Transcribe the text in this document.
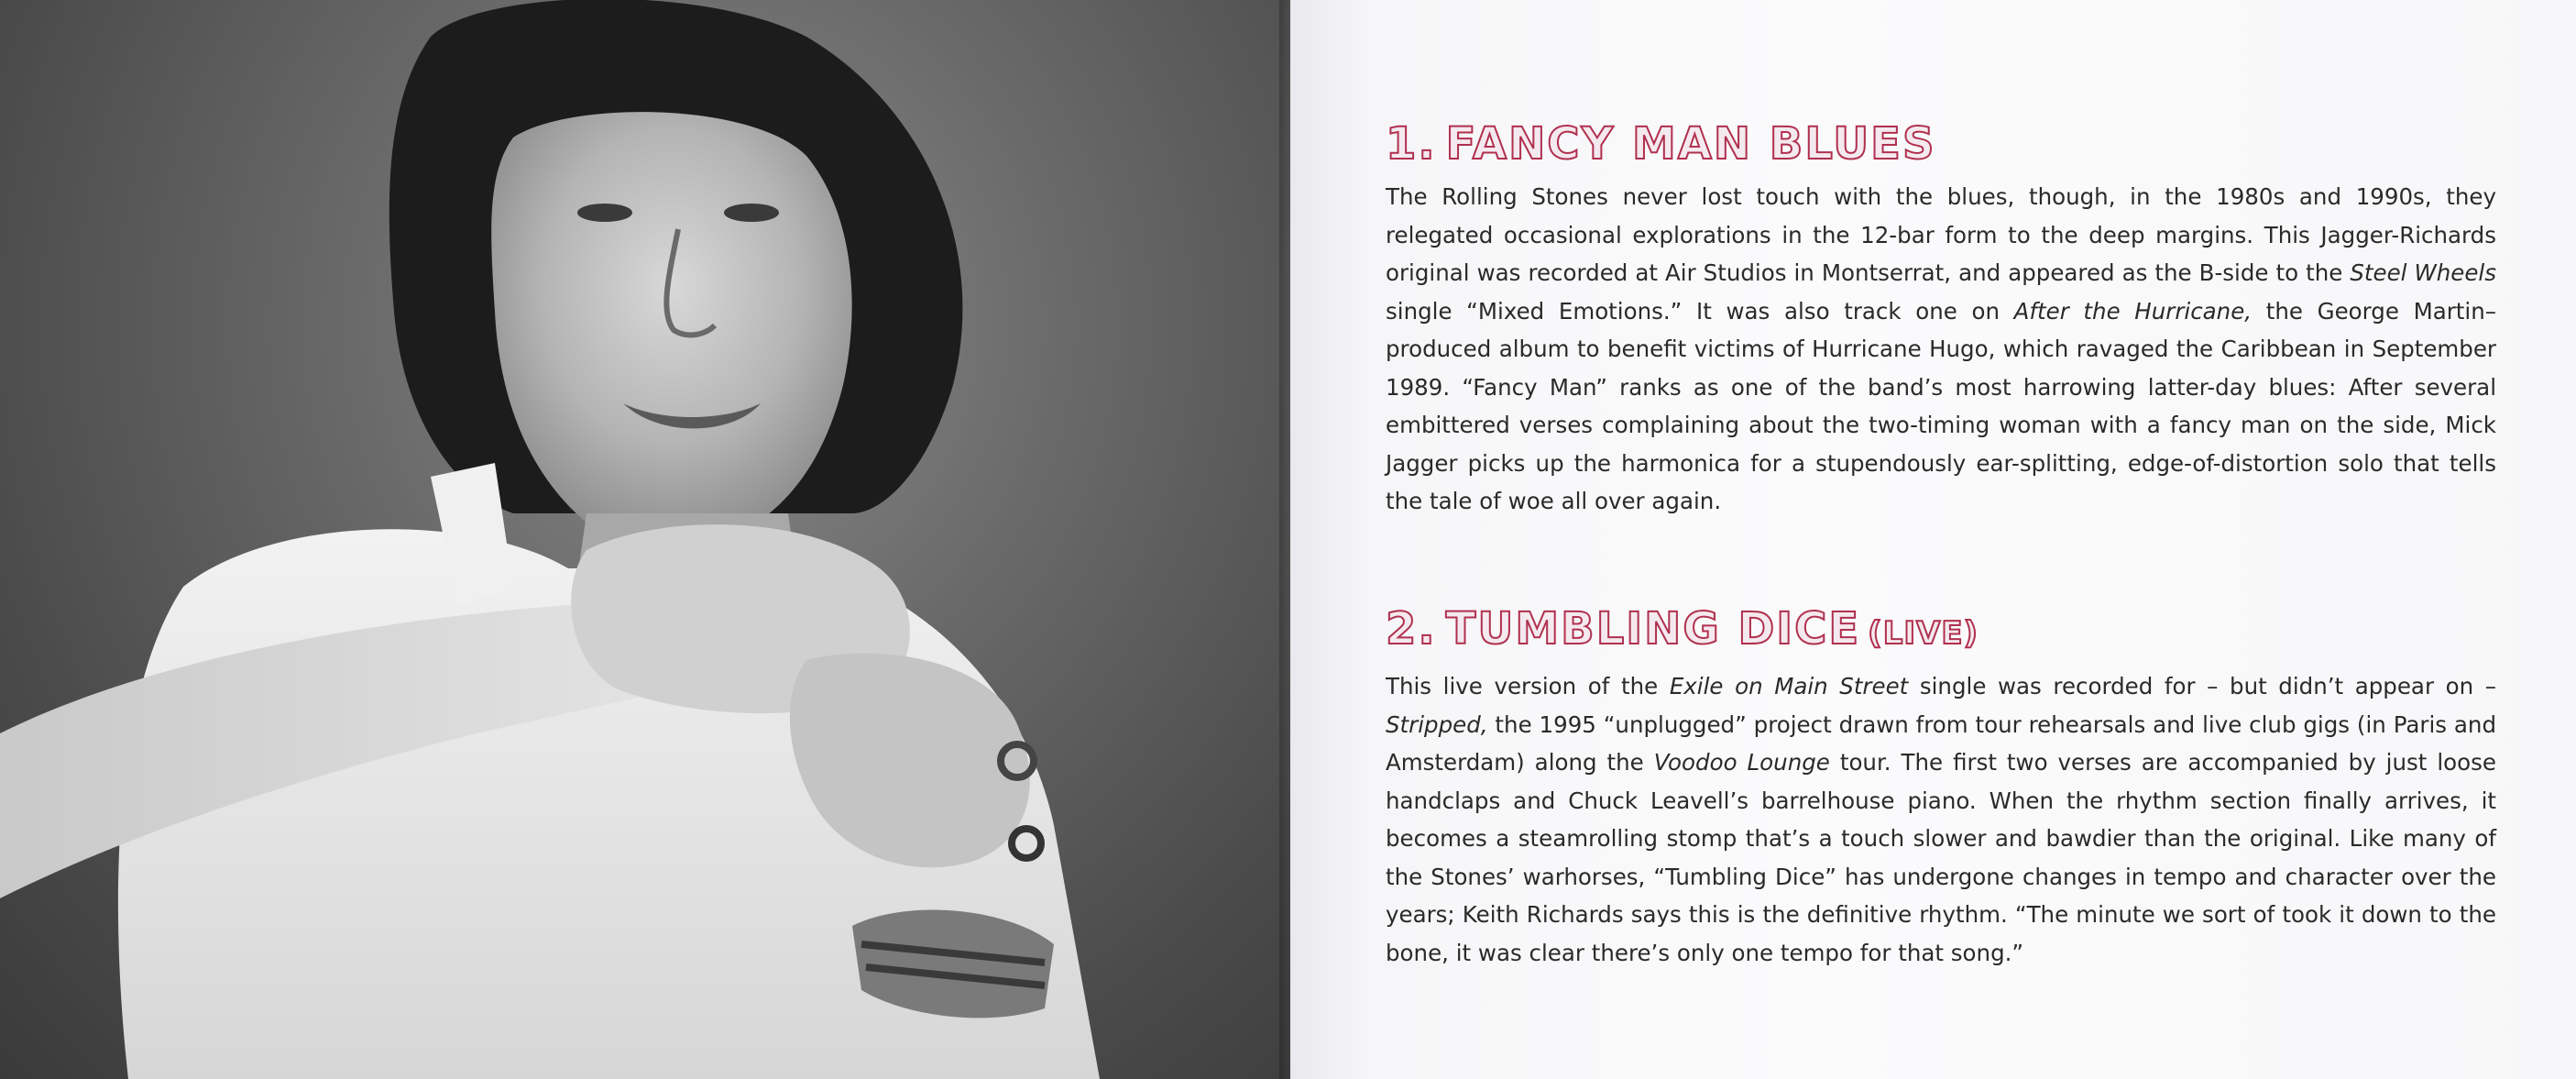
1. FANCY MAN BLUES

The Rolling Stones never lost touch with the blues, though, in the 1980s and 1990s, they relegated occasional explorations in the 12-bar form to the deep margins. This Jagger-Richards original was recorded at Air Studios in Montserrat, and appeared as the B-side to the Steel Wheels single “Mixed Emotions.” It was also track one on After the Hurricane, the George Martin–produced album to benefit victims of Hurricane Hugo, which ravaged the Caribbean in September 1989. “Fancy Man” ranks as one of the band’s most harrowing latter-day blues: After several embittered verses complaining about the two-timing woman with a fancy man on the side, Mick Jagger picks up the harmonica for a stupendously ear-splitting, edge-of-distortion solo that tells the tale of woe all over again.

2. TUMBLING DICE (LIVE)

This live version of the Exile on Main Street single was recorded for – but didn’t appear on – Stripped, the 1995 “unplugged” project drawn from tour rehearsals and live club gigs (in Paris and Amsterdam) along the Voodoo Lounge tour. The first two verses are accompanied by just loose handclaps and Chuck Leavell’s barrelhouse piano. When the rhythm section finally arrives, it becomes a steamrolling stomp that’s a touch slower and bawdier than the original. Like many of the Stones’ warhorses, “Tumbling Dice” has undergone changes in tempo and character over the years; Keith Richards says this is the definitive rhythm. “The minute we sort of took it down to the bone, it was clear there’s only one tempo for that song.”
